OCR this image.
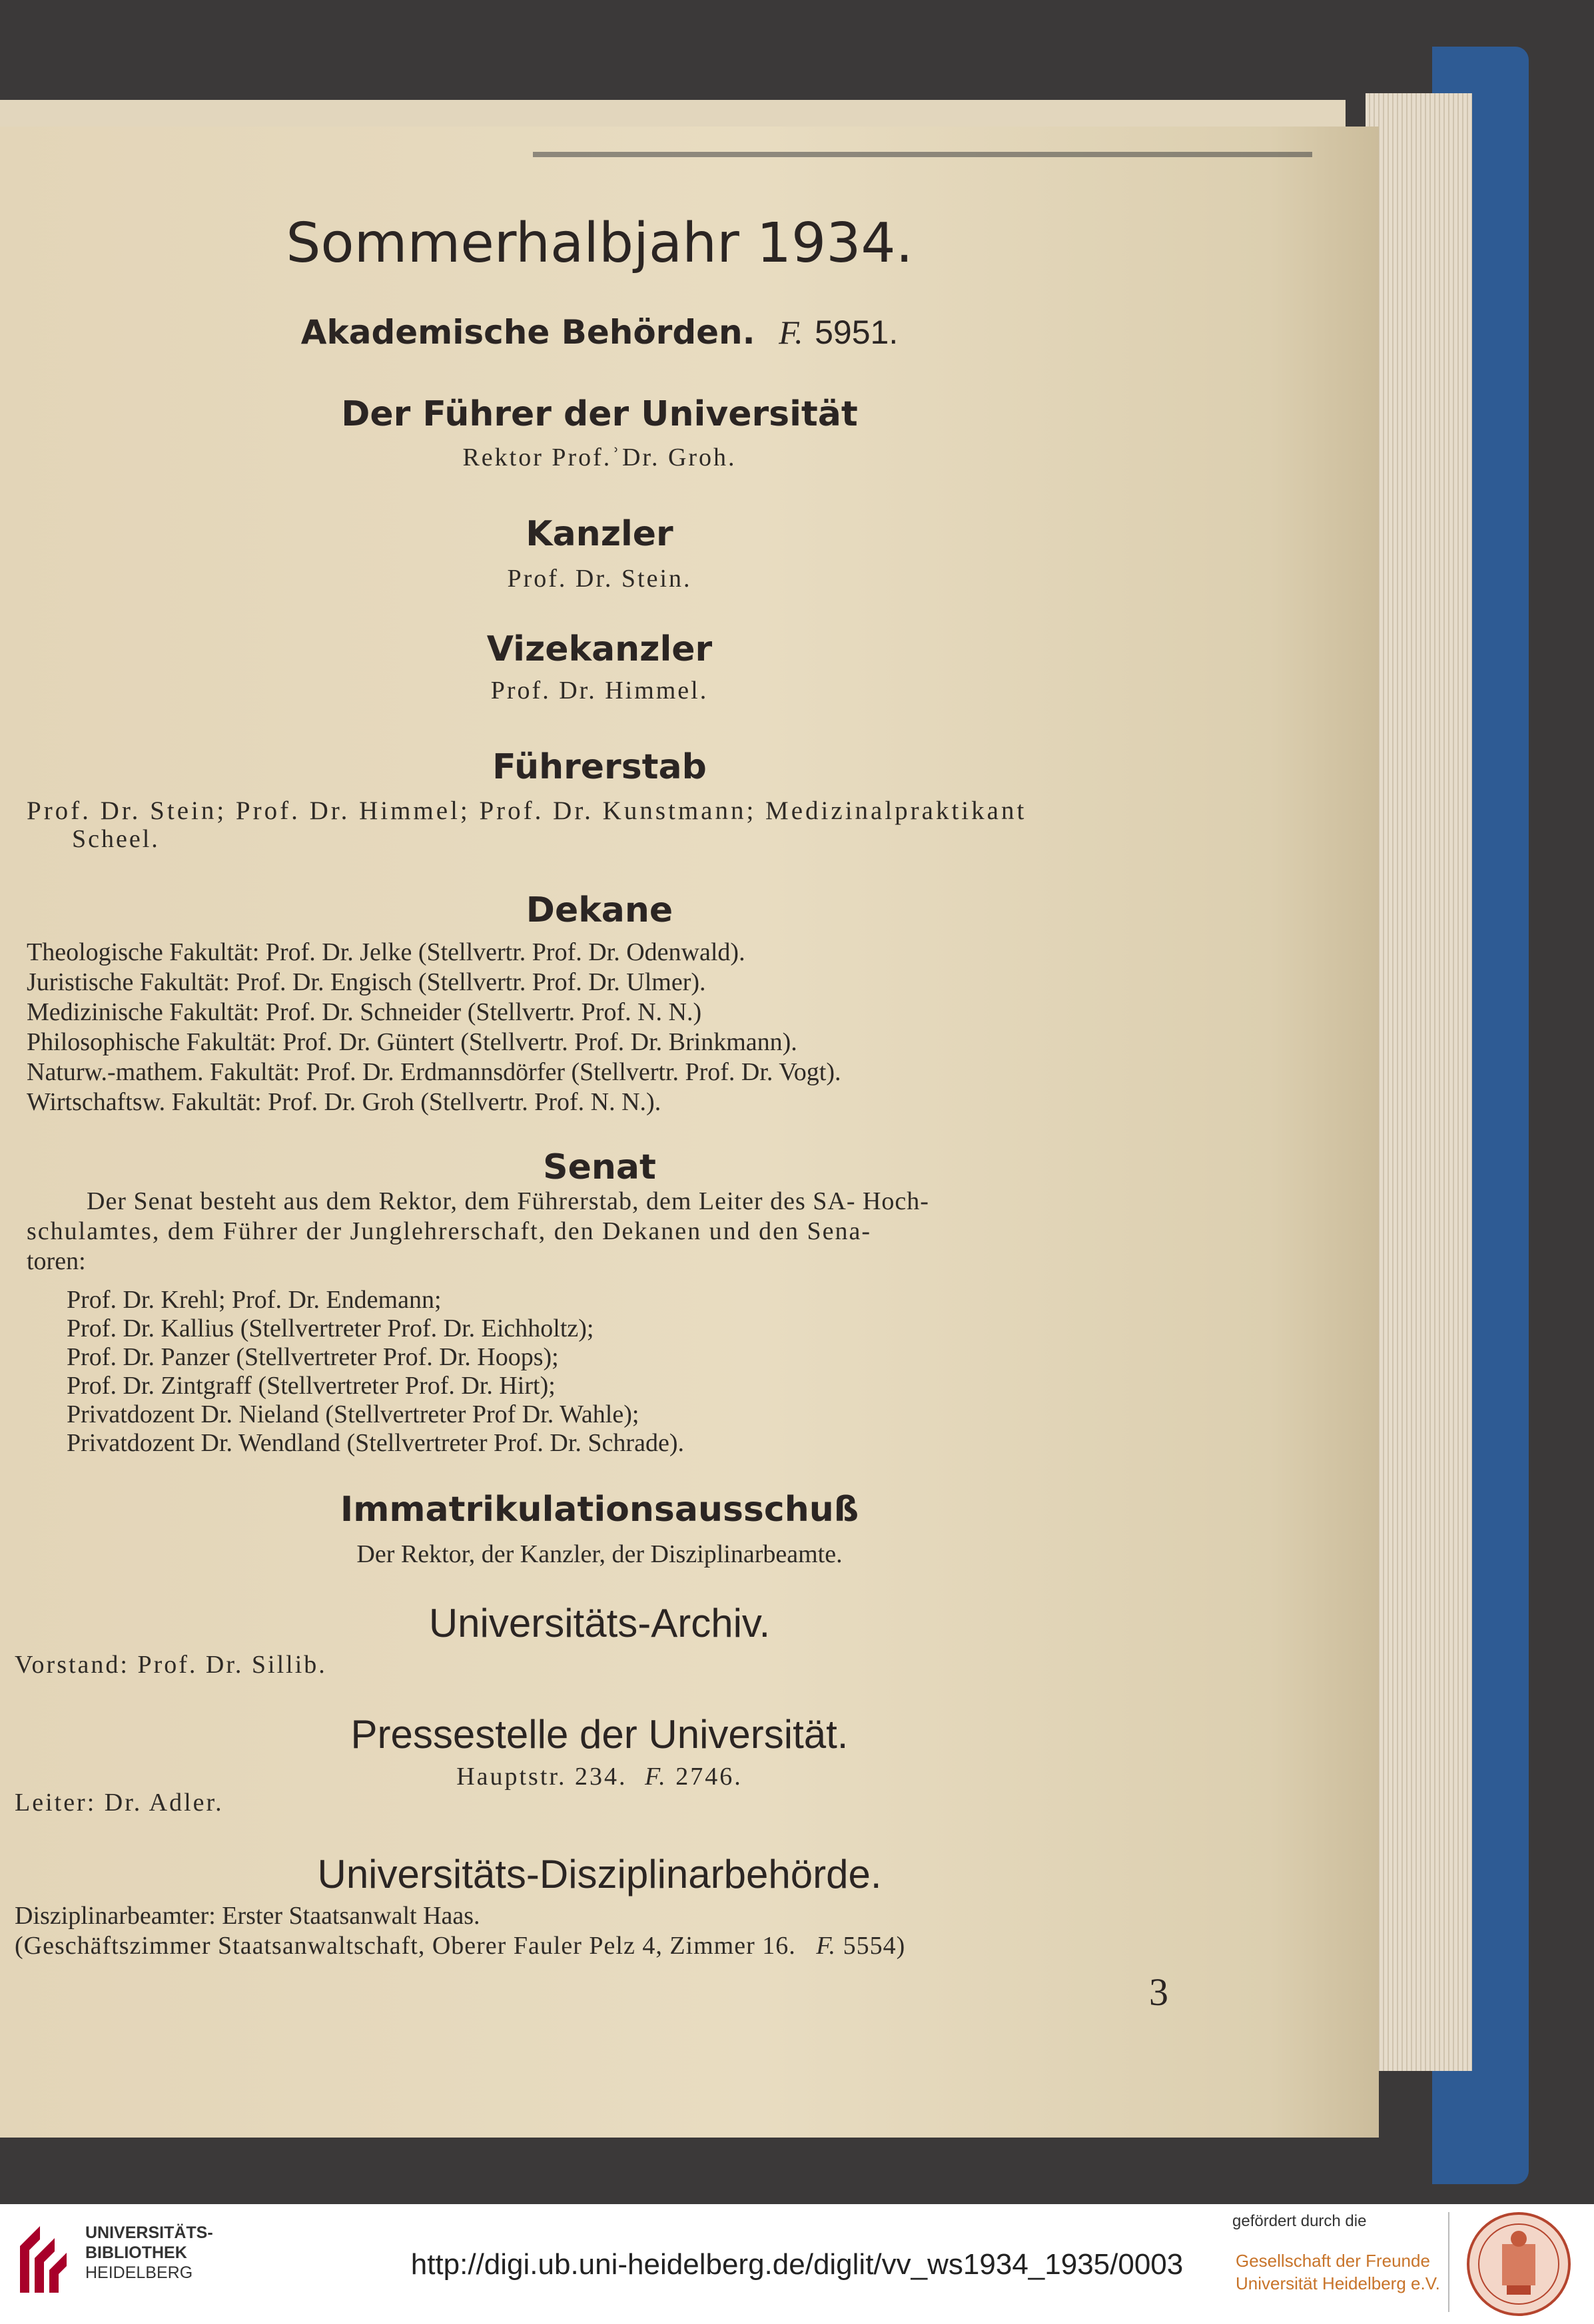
Sommerhalbjahr 1934.
Akademische Behörden. F. 5951.
Der Führer der Universität
Rektor Prof.ʾDr. Groh.
Kanzler
Prof. Dr. Stein.
Vizekanzler
Prof. Dr. Himmel.
Führerstab
Prof. Dr. Stein; Prof. Dr. Himmel; Prof. Dr. Kunstmann; Medizinalpraktikant
Scheel.
Dekane
Theologische Fakultät: Prof. Dr. Jelke (Stellvertr. Prof. Dr. Odenwald).
Juristische Fakultät: Prof. Dr. Engisch (Stellvertr. Prof. Dr. Ulmer).
Medizinische Fakultät: Prof. Dr. Schneider (Stellvertr. Prof. N. N.)
Philosophische Fakultät: Prof. Dr. Güntert (Stellvertr. Prof. Dr. Brinkmann).
Naturw.-mathem. Fakultät: Prof. Dr. Erdmannsdörfer (Stellvertr. Prof. Dr. Vogt).
Wirtschaftsw. Fakultät: Prof. Dr. Groh (Stellvertr. Prof. N. N.).
Senat
Der Senat besteht aus dem Rektor, dem Führerstab, dem Leiter des SA- Hoch-
schulamtes, dem Führer der Junglehrerschaft, den Dekanen und den Sena-
toren:
Prof. Dr. Krehl; Prof. Dr. Endemann;
Prof. Dr. Kallius (Stellvertreter Prof. Dr. Eichholtz);
Prof. Dr. Panzer (Stellvertreter Prof. Dr. Hoops);
Prof. Dr. Zintgraff (Stellvertreter Prof. Dr. Hirt);
Privatdozent Dr. Nieland (Stellvertreter Prof Dr. Wahle);
Privatdozent Dr. Wendland (Stellvertreter Prof. Dr. Schrade).
Immatrikulationsausschuß
Der Rektor, der Kanzler, der Disziplinarbeamte.
Universitäts-Archiv.
Vorstand: Prof. Dr. Sillib.
Pressestelle der Universität.
Hauptstr. 234. F. 2746.
Leiter: Dr. Adler.
Universitäts-Disziplinarbehörde.
Disziplinarbeamter: Erster Staatsanwalt Haas.
(Geschäftszimmer Staatsanwaltschaft, Oberer Fauler Pelz 4, Zimmer 16. F. 5554)
3
UNIVERSITÄTS-
BIBLIOTHEK
HEIDELBERG	http://digi.ub.uni-heidelberg.de/diglit/vv_ws1934_1935/0003
gefördert durch die
Gesellschaft der Freunde
Universität Heidelberg e.V.
